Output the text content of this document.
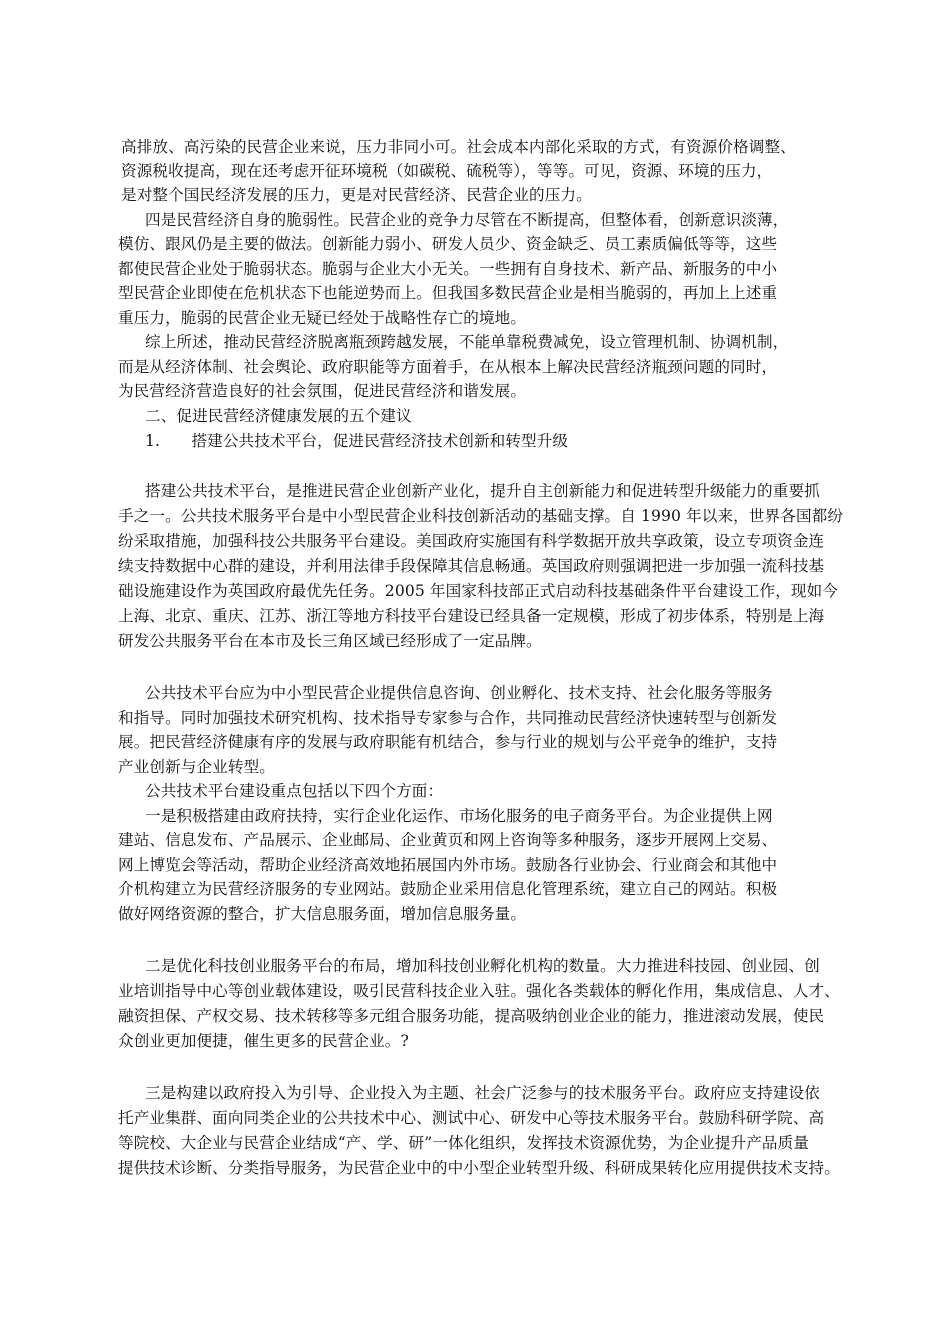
高排放、高污染的民营企业来说，压力非同小可。社会成本内部化采取的方式，有资源价格调整、
资源税收提高，现在还考虑开征环境税（如碳税、硫税等），等等。可见，资源、环境的压力，
是对整个国民经济发展的压力，更是对民营经济、民营企业的压力。
四是民营经济自身的脆弱性。民营企业的竞争力尽管在不断提高，但整体看，创新意识淡薄，
模仿、跟风仍是主要的做法。创新能力弱小、研发人员少、资金缺乏、员工素质偏低等等，这些
都使民营企业处于脆弱状态。脆弱与企业大小无关。一些拥有自身技术、新产品、新服务的中小
型民营企业即使在危机状态下也能逆势而上。但我国多数民营企业是相当脆弱的，再加上上述重
重压力，脆弱的民营企业无疑已经处于战略性存亡的境地。
综上所述，推动民营经济脱离瓶颈跨越发展，不能单靠税费减免，设立管理机制、协调机制，
而是从经济体制、社会舆论、政府职能等方面着手，在从根本上解决民营经济瓶颈问题的同时，
为民营经济营造良好的社会氛围，促进民营经济和谐发展。
二、促进民营经济健康发展的五个建议
1.　　搭建公共技术平台，促进民营经济技术创新和转型升级
搭建公共技术平台，是推进民营企业创新产业化，提升自主创新能力和促进转型升级能力的重要抓
手之一。公共技术服务平台是中小型民营企业科技创新活动的基础支撑。自 1990 年以来，世界各国都纷
纷采取措施，加强科技公共服务平台建设。美国政府实施国有科学数据开放共享政策，设立专项资金连
续支持数据中心群的建设，并利用法律手段保障其信息畅通。英国政府则强调把进一步加强一流科技基
础设施建设作为英国政府最优先任务。2005 年国家科技部正式启动科技基础条件平台建设工作，现如今
上海、北京、重庆、江苏、浙江等地方科技平台建设已经具备一定规模，形成了初步体系，特别是上海
研发公共服务平台在本市及长三角区域已经形成了一定品牌。
公共技术平台应为中小型民营企业提供信息咨询、创业孵化、技术支持、社会化服务等服务
和指导。同时加强技术研究机构、技术指导专家参与合作，共同推动民营经济快速转型与创新发
展。把民营经济健康有序的发展与政府职能有机结合，参与行业的规划与公平竞争的维护，支持
产业创新与企业转型。
公共技术平台建设重点包括以下四个方面：
一是积极搭建由政府扶持，实行企业化运作、市场化服务的电子商务平台。为企业提供上网
建站、信息发布、产品展示、企业邮局、企业黄页和网上咨询等多种服务，逐步开展网上交易、
网上博览会等活动，帮助企业经济高效地拓展国内外市场。鼓励各行业协会、行业商会和其他中
介机构建立为民营经济服务的专业网站。鼓励企业采用信息化管理系统，建立自己的网站。积极
做好网络资源的整合，扩大信息服务面，增加信息服务量。
二是优化科技创业服务平台的布局，增加科技创业孵化机构的数量。大力推进科技园、创业园、创
业培训指导中心等创业载体建设，吸引民营科技企业入驻。强化各类载体的孵化作用，集成信息、人才、
融资担保、产权交易、技术转移等多元组合服务功能，提高吸纳创业企业的能力，推进滚动发展，使民
众创业更加便捷，催生更多的民营企业。?
三是构建以政府投入为引导、企业投入为主题、社会广泛参与的技术服务平台。政府应支持建设依
托产业集群、面向同类企业的公共技术中心、测试中心、研发中心等技术服务平台。鼓励科研学院、高
等院校、大企业与民营企业结成“产、学、研”一体化组织，发挥技术资源优势，为企业提升产品质量
提供技术诊断、分类指导服务，为民营企业中的中小型企业转型升级、科研成果转化应用提供技术支持。
